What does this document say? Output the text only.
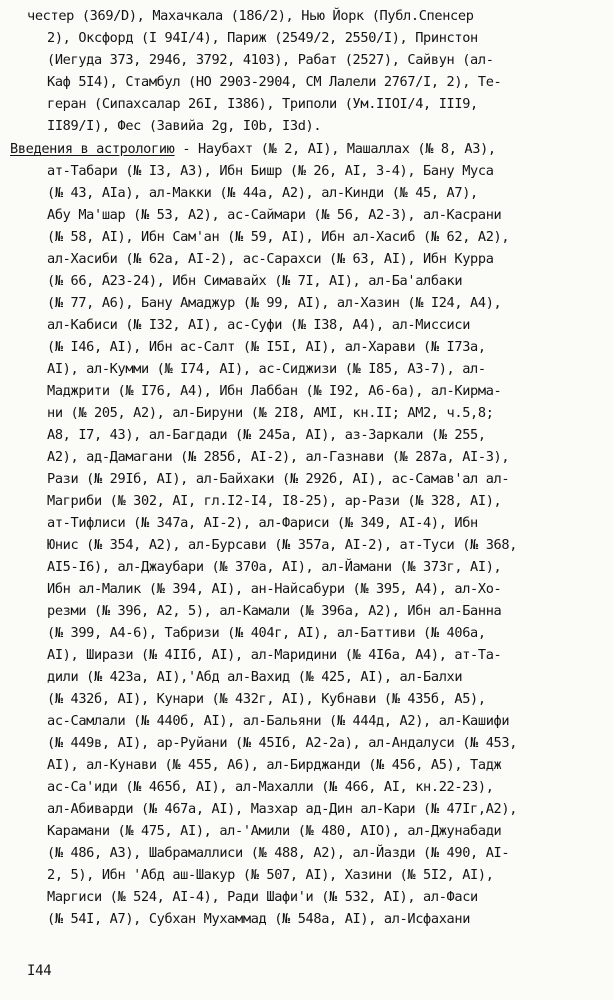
честер (369/D), Махачкала (186/2), Нью Йорк (Публ.Спенсер
2), Оксфорд (I 94I/4), Париж (2549/2, 2550/I), Принстон
(Иегуда 373, 2946, 3792, 4103), Рабат (2527), Сайвун (ал-
Каф 5I4), Стамбул (НО 2903-2904, СМ Лалели 2767/I, 2), Те-
геран (Сипахсалар 26I, I386), Триполи (Ум.IIOI/4, III9,
II89/I), Фес (Завийа 2g, I0b, I3d).
Введения в астрологию - Наубахт (№ 2, АI), Машаллах (№ 8, А3),
ат-Табари (№ I3, А3), Ибн Бишр (№ 26, АI, 3-4), Бану Муса
(№ 43, АIа), ал-Макки (№ 44а, А2), ал-Кинди (№ 45, А7),
Абу Ма'шар (№ 53, А2), ас-Саймари (№ 56, А2-3), ал-Касрани
(№ 58, АI), Ибн Сам'ан (№ 59, АI), Ибн ал-Хасиб (№ 62, А2),
ал-Хасиби (№ 62а, АI-2), ас-Сарахси (№ 63, АI), Ибн Курра
(№ 66, А23-24), Ибн Симавайх (№ 7I, АI), ал-Ба'албаки
(№ 77, А6), Бану Амаджур (№ 99, АI), ал-Хазин (№ I24, А4),
ал-Кабиси (№ I32, АI), ас-Суфи (№ I38, А4), ал-Миссиси
(№ I46, АI), Ибн ас-Салт (№ I5I, АI), ал-Харави (№ I73а,
АI), ал-Кумми (№ I74, АI), ас-Сиджизи (№ I85, А3-7), ал-
Маджрити (№ I76, А4), Ибн Лаббан (№ I92, А6-6а), ал-Кирма-
ни (№ 205, А2), ал-Бируни (№ 2I8, АМI, кн.II; АМ2, ч.5,8;
А8, I7, 43), ал-Багдади (№ 245а, АI), аз-Заркали (№ 255,
А2), ад-Дамагани (№ 285б, АI-2), ал-Газнави (№ 287а, АI-3),
Рази (№ 29Iб, АI), ал-Байхаки (№ 292б, АI), ас-Самав'ал ал-
Магриби (№ 302, АI, гл.I2-I4, I8-25), ар-Рази (№ 328, АI),
ат-Тифлиси (№ 347а, АI-2), ал-Фариси (№ 349, АI-4), Ибн
Юнис (№ 354, А2), ал-Бурсави (№ 357а, АI-2), ат-Туси (№ 368,
АI5-I6), ал-Джаубари (№ 370а, АI), ал-Йамани (№ 373г, АI),
Ибн ал-Малик (№ 394, АI), ан-Найсабури (№ 395, А4), ал-Хо-
резми (№ 396, А2, 5), ал-Камали (№ 396а, А2), Ибн ал-Банна
(№ 399, А4-6), Табризи (№ 404г, АI), ал-Баттиви (№ 406а,
АI), Ширази (№ 4IIб, АI), ал-Маридини (№ 4I6а, А4), ат-Та-
дили (№ 423а, АI),'Абд ал-Вахид (№ 425, АI), ал-Балхи
(№ 432б, АI), Кунари (№ 432г, АI), Кубнави (№ 435б, А5),
ас-Самлали (№ 440б, АI), ал-Бальяни (№ 444д, А2), ал-Кашифи
(№ 449в, АI), ар-Руйани (№ 45Iб, А2-2а), ал-Андалуси (№ 453,
АI), ал-Кунави (№ 455, А6), ал-Бирджанди (№ 456, А5), Тадж
ас-Са'иди (№ 465б, АI), ал-Махалли (№ 466, АI, кн.22-23),
ал-Абиварди (№ 467а, АI), Мазхар ад-Дин ал-Кари (№ 47Iг,А2),
Карамани (№ 475, АI), ал-'Амили (№ 480, АIO), ал-Джунабади
(№ 486, А3), Шабрамаллиси (№ 488, А2), ал-Йазди (№ 490, АI-
2, 5), Ибн 'Абд аш-Шакур (№ 507, АI), Хазини (№ 5I2, АI),
Маргиси (№ 524, АI-4), Ради Шафи'и (№ 532, АI), ал-Фаси
(№ 54I, А7), Субхан Мухаммад (№ 548а, АI), ал-Исфахани
I44
